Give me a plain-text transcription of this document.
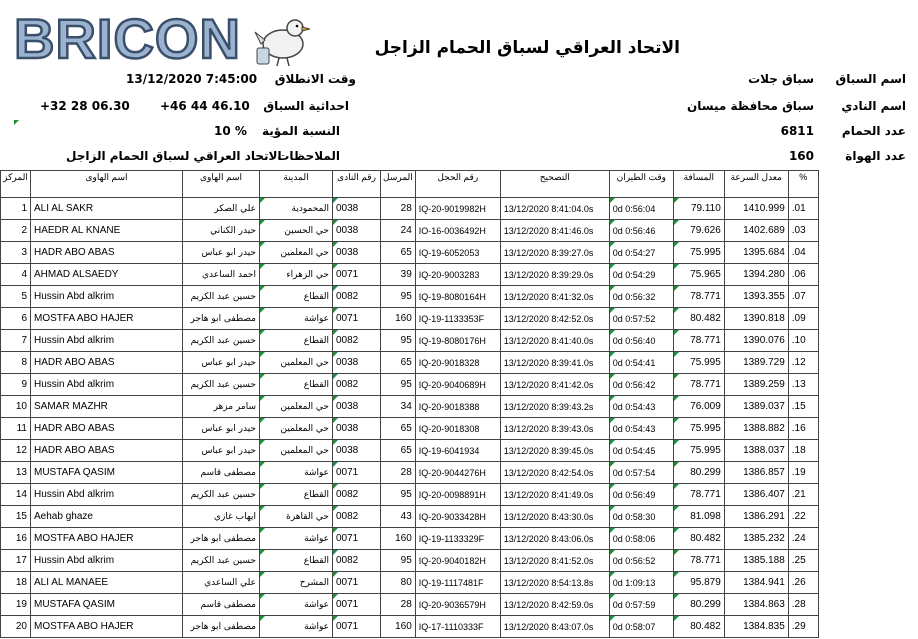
BRICON	الاتحاد العراقي لسباق الحمام الزاجل
اسم السباق
سباق جلات
اسم النادي
سباق محافظة ميسان
عدد الحمام
6811
عدد الهواة
160
وقت الانطلاق
13/12/2020 7:45:00
احداثية السباق
+46 44 46.10
+32 28 06.30
النسبة المؤية
10 %
الملاحظات
الاتحاد العراقي لسباق الحمام الزاجل
المركز	اسم الهاوى	اسم الهاوى	المدينة	رقم النادى	المرسل	رقم الحجل	التصحيح	وقت الطيران	المسافة	معدل السرعة	%
1	ALI AL SAKR	علي الصكر	المحمودية	0038	28	IQ-20-9019982H	13/12/2020 8:41:04.0s	0d 0:56:04	79.110	1410.999	.01
2	HAEDR AL KNANE	حيدر الكناني	حي الحسين	0038	24	IO-16-0036492H	13/12/2020 8:41:46.0s	0d 0:56:46	79.626	1402.689	.03
3	HADR ABO ABAS	حيدر ابو عباس	حي المعلمين	0038	65	IQ-19-6052053	13/12/2020 8:39:27.0s	0d 0:54:27	75.995	1395.684	.04
4	AHMAD ALSAEDY	احمد الساعدي	حي الزهراء	0071	39	IQ-20-9003283	13/12/2020 8:39:29.0s	0d 0:54:29	75.965	1394.280	.06
5	Hussin Abd alkrim	حسين عبد الكريم	القطاع	0082	95	IQ-19-8080164H	13/12/2020 8:41:32.0s	0d 0:56:32	78.771	1393.355	.07
6	MOSTFA ABO HAJER	مصطفى ابو هاجر	عواشة	0071	160	IQ-19-1133353F	13/12/2020 8:42:52.0s	0d 0:57:52	80.482	1390.818	.09
7	Hussin Abd alkrim	حسين عبد الكريم	القطاع	0082	95	IQ-19-8080176H	13/12/2020 8:41:40.0s	0d 0:56:40	78.771	1390.076	.10
8	HADR ABO ABAS	حيدر ابو عباس	حي المعلمين	0038	65	IQ-20-9018328	13/12/2020 8:39:41.0s	0d 0:54:41	75.995	1389.729	.12
9	Hussin Abd alkrim	حسين عبد الكريم	القطاع	0082	95	IQ-20-9040689H	13/12/2020 8:41:42.0s	0d 0:56:42	78.771	1389.259	.13
10	SAMAR MAZHR	سامر مزهر	حي المعلمين	0038	34	IQ-20-9018388	13/12/2020 8:39:43.2s	0d 0:54:43	76.009	1389.037	.15
11	HADR ABO ABAS	حيدر ابو عباس	حي المعلمين	0038	65	IQ-20-9018308	13/12/2020 8:39:43.0s	0d 0:54:43	75.995	1388.882	.16
12	HADR ABO ABAS	حيدر ابو عباس	حي المعلمين	0038	65	IQ-19-6041934	13/12/2020 8:39:45.0s	0d 0:54:45	75.995	1388.037	.18
13	MUSTAFA QASIM	مصطفى قاسم	عواشة	0071	28	IQ-20-9044276H	13/12/2020 8:42:54.0s	0d 0:57:54	80.299	1386.857	.19
14	Hussin Abd alkrim	حسين عبد الكريم	القطاع	0082	95	IQ-20-0098891H	13/12/2020 8:41:49.0s	0d 0:56:49	78.771	1386.407	.21
15	Aehab ghaze	ايهاب غازي	حي القاهرة	0082	43	IQ-20-9033428H	13/12/2020 8:43:30.0s	0d 0:58:30	81.098	1386.291	.22
16	MOSTFA ABO HAJER	مصطفى ابو هاجر	عواشة	0071	160	IQ-19-1133329F	13/12/2020 8:43:06.0s	0d 0:58:06	80.482	1385.232	.24
17	Hussin Abd alkrim	حسين عبد الكريم	القطاع	0082	95	IQ-20-9040182H	13/12/2020 8:41:52.0s	0d 0:56:52	78.771	1385.188	.25
18	ALI AL MANAEE	علي الساعدي	المشرح	0071	80	IQ-19-1117481F	13/12/2020 8:54:13.8s	0d 1:09:13	95.879	1384.941	.26
19	MUSTAFA QASIM	مصطفى قاسم	عواشة	0071	28	IQ-20-9036579H	13/12/2020 8:42:59.0s	0d 0:57:59	80.299	1384.863	.28
20	MOSTFA ABO HAJER	مصطفى ابو هاجر	عواشة	0071	160	IQ-17-1110333F	13/12/2020 8:43:07.0s	0d 0:58:07	80.482	1384.835	.29
